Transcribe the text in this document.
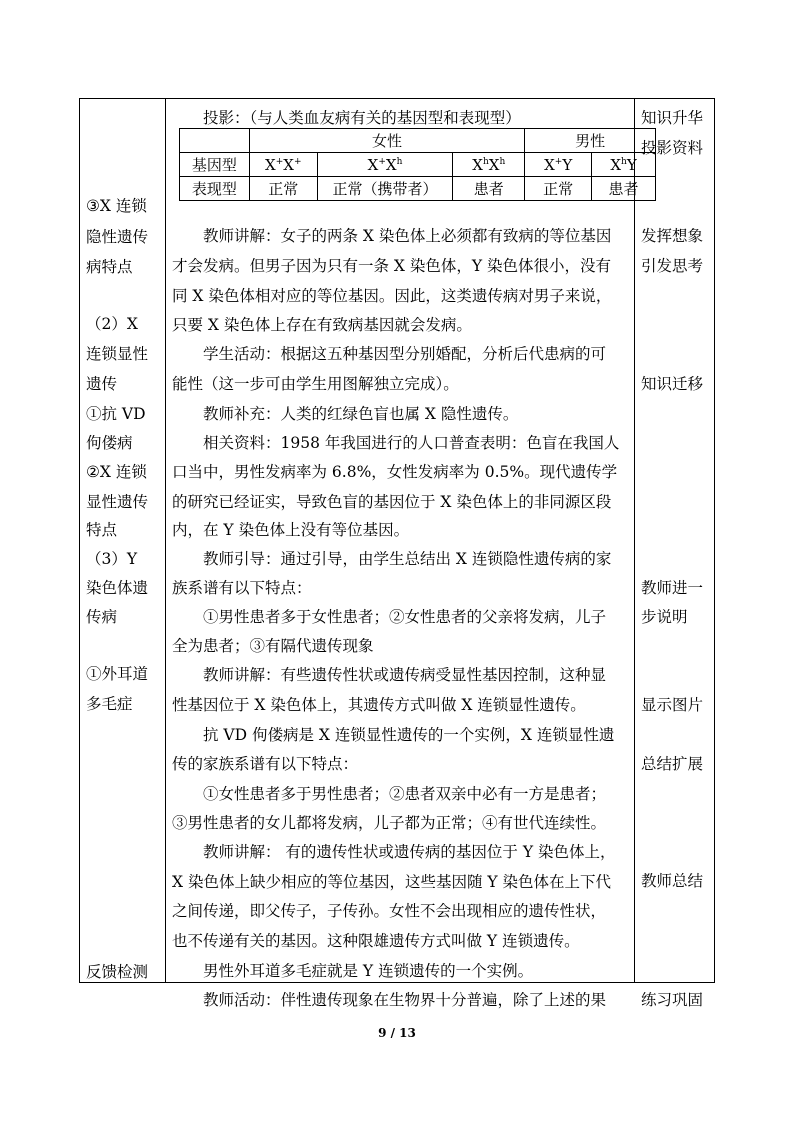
③X 连锁
隐性遗传
病特点
（2）X
连锁显性
遗传
①抗 VD
佝偻病
②X 连锁
显性遗传
特点
（3）Y
染色体遗
传病
①外耳道
多毛症
反馈检测
知识升华
投影资料
发挥想象
引发思考
知识迁移
教师进一
步说明
显示图片
总结扩展
教师总结
练习巩固
投影：（与人类血友病有关的基因型和表现型）
	女性			男性	
基因型	X+X+	$X^+X^h$	$X^hX^h$	X+Y	$X^hY$
表现型	正常	正常（携带者）	患者	正常	患者
教师讲解：女子的两条 X 染色体上必须都有致病的等位基因
才会发病。但男子因为只有一条 X 染色体，Y 染色体很小，没有
同 X 染色体相对应的等位基因。因此，这类遗传病对男子来说，
只要 X 染色体上存在有致病基因就会发病。
学生活动：根据这五种基因型分别婚配，分析后代患病的可
能性（这一步可由学生用图解独立完成）。
教师补充：人类的红绿色盲也属 X 隐性遗传。
相关资料：1958 年我国进行的人口普查表明：色盲在我国人
口当中，男性发病率为 6.8%，女性发病率为 0.5%。现代遗传学
的研究已经证实，导致色盲的基因位于 X 染色体上的非同源区段
内，在 Y 染色体上没有等位基因。
教师引导：通过引导，由学生总结出 X 连锁隐性遗传病的家
族系谱有以下特点：
①男性患者多于女性患者；②女性患者的父亲将发病，儿子
全为患者；③有隔代遗传现象
教师讲解：有些遗传性状或遗传病受显性基因控制，这种显
性基因位于 X 染色体上，其遗传方式叫做 X 连锁显性遗传。
抗 VD 佝偻病是 X 连锁显性遗传的一个实例，X 连锁显性遗
传的家族系谱有以下特点：
①女性患者多于男性患者；②患者双亲中必有一方是患者；
③男性患者的女儿都将发病，儿子都为正常；④有世代连续性。
教师讲解： 有的遗传性状或遗传病的基因位于 Y 染色体上，
X 染色体上缺少相应的等位基因，这些基因随 Y 染色体在上下代
之间传递，即父传子，子传孙。女性不会出现相应的遗传性状，
也不传递有关的基因。这种限雄遗传方式叫做 Y 连锁遗传。
男性外耳道多毛症就是 Y 连锁遗传的一个实例。
教师活动：伴性遗传现象在生物界十分普遍，除了上述的果
9 / 13
